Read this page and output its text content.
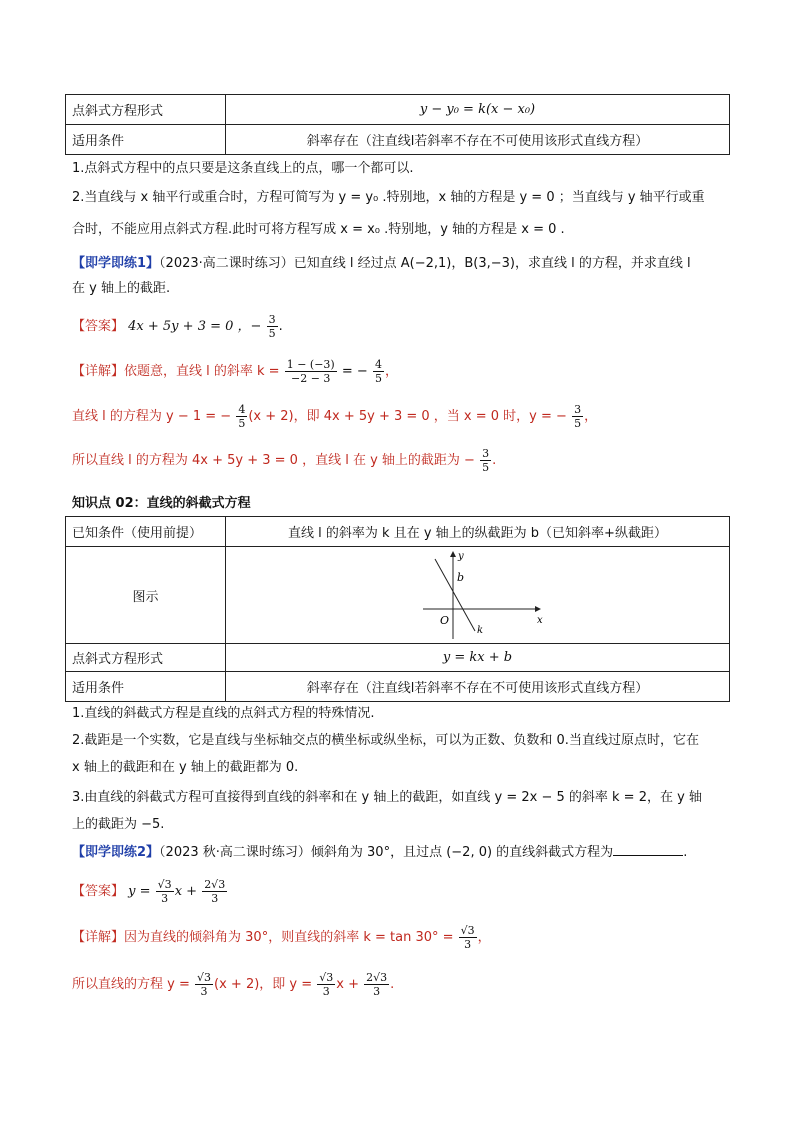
点斜式方程形式	y − y₀ = k(x − x₀)
适用条件	斜率存在（注直线l若斜率不存在不可使用该形式直线方程）
1.点斜式方程中的点只要是这条直线上的点，哪一个都可以.
2.当直线与 x 轴平行或重合时，方程可简写为 y = y₀ .特别地，x 轴的方程是 y = 0 ；当直线与 y 轴平行或重
合时，不能应用点斜式方程.此时可将方程写成 x = x₀ .特别地，y 轴的方程是 x = 0 .
【即学即练1】（2023·高二课时练习）已知直线 l 经过点 A(−2,1)，B(3,−3)，求直线 l 的方程，并求直线 l
在 y 轴上的截距.
【答案】 4x + 5y + 3 = 0 ，− $\frac{3}{5}$ .
【详解】依题意，直线 l 的斜率 $k = \frac{1 - (-3)}{-2 - 3}$ = − $\frac{4}{5}$ ，
直线 l 的方程为 y − 1 = − $\frac{4}{5} (x + 2)$，即 4x + 5y + 3 = 0 ，当 x = 0 时，y = − $\frac{3}{5}$ ，
所以直线 l 的方程为 4x + 5y + 3 = 0 ，直线 l 在 y 轴上的截距为 − $\frac{3}{5}$ .
知识点 02：直线的斜截式方程
已知条件（使用前提）	直线 l 的斜率为 k 且在 y 轴上的纵截距为 b（已知斜率+纵截距）
图示	y
x
b
O
k

点斜式方程形式	y = kx + b
适用条件	斜率存在（注直线l若斜率不存在不可使用该形式直线方程）
1.直线的斜截式方程是直线的点斜式方程的特殊情况.
2.截距是一个实数，它是直线与坐标轴交点的横坐标或纵坐标，可以为正数、负数和 0.当直线过原点时，它在
x 轴上的截距和在 y 轴上的截距都为 0.
3.由直线的斜截式方程可直接得到直线的斜率和在 y 轴上的截距，如直线 y = 2x − 5 的斜率 k = 2，在 y 轴
上的截距为 −5.
【即学即练2】（2023 秋·高二课时练习）倾斜角为 30°，且过点 (−2, 0) 的直线斜截式方程为	.
【答案】 $y = \frac{√3}{3}$ $x + \frac{2√3}{3}$
【详解】因为直线的倾斜角为 30°，则直线的斜率 $k = \tan 30^\circ = \frac{√3}{3}$ ，
所以直线的方程 $y = \frac{√3}{3} (x + 2)$，即 $y = \frac{√3}{3}$ $x + \frac{2√3}{3}$ .
